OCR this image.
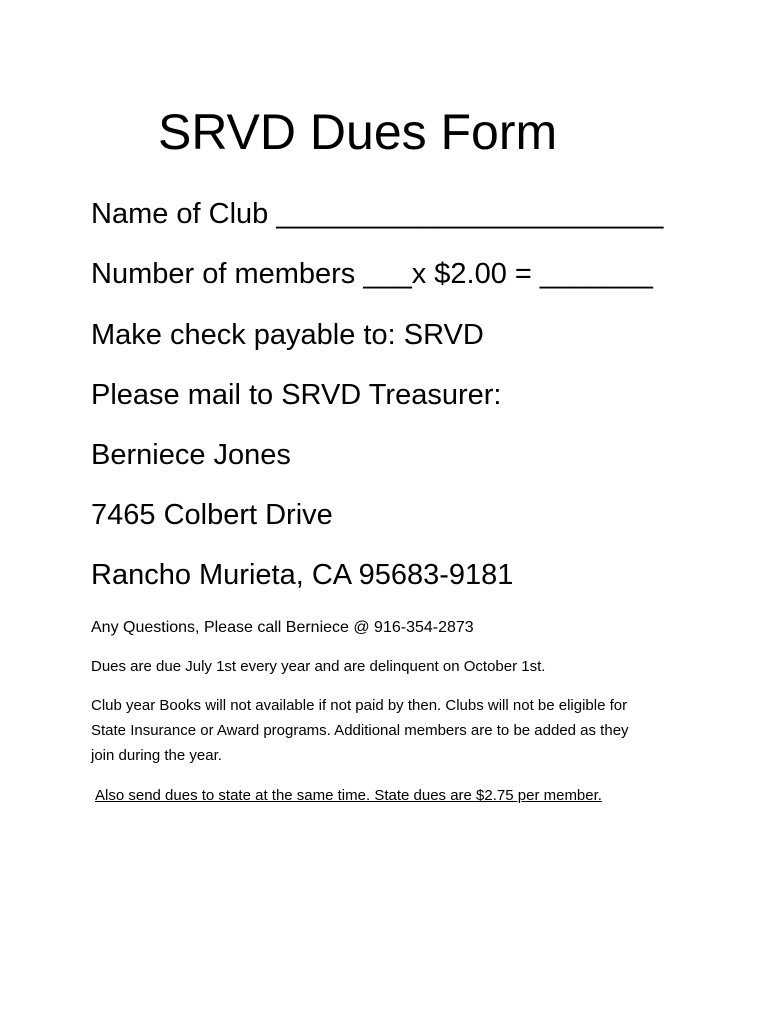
SRVD Dues Form
Name of Club ________________________
Number of members ___x $2.00 = _______
Make check payable to: SRVD
Please mail to SRVD Treasurer:
Berniece Jones
7465 Colbert Drive
Rancho Murieta, CA 95683-9181
Any Questions, Please call Berniece @ 916-354-2873
Dues are due July 1st every year and are delinquent on October 1st.
Club year Books will not available if not paid by then. Clubs will not be eligible for
State Insurance or Award programs. Additional members are to be added as they
join during the year.
Also send dues to state at the same time. State dues are $2.75 per member.
